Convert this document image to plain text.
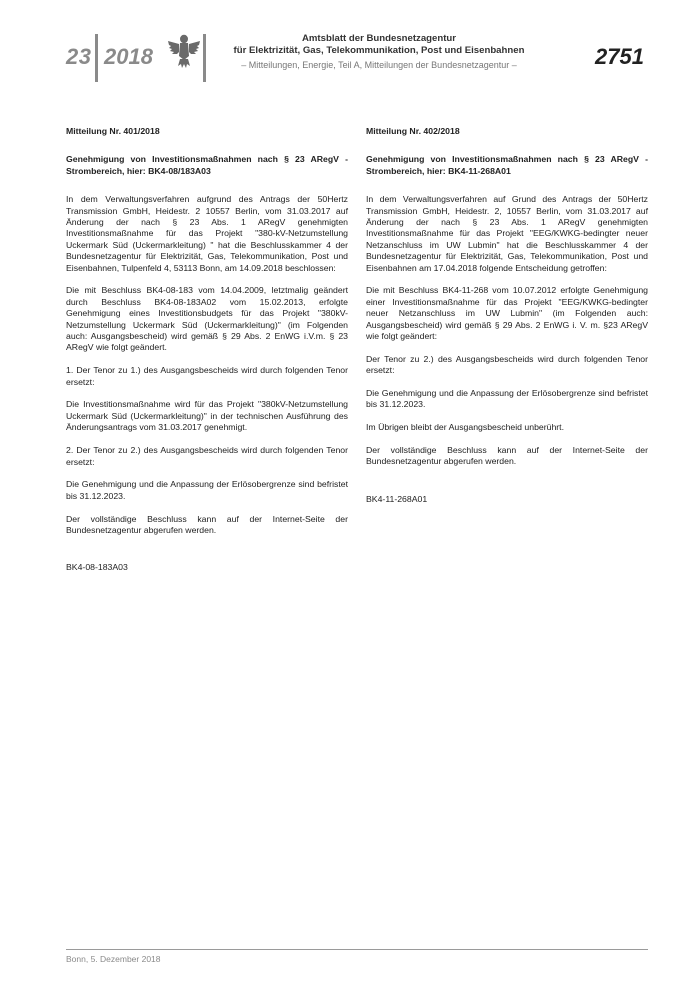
23 2018
Amtsblatt der Bundesnetzagentur
für Elektrizität, Gas, Telekommunikation, Post und Eisenbahnen
– Mitteilungen, Energie, Teil A, Mitteilungen der Bundesnetzagentur –	2751
Mitteilung Nr. 401/2018
Genehmigung von Investitionsmaßnahmen nach § 23 ARegV - Strombereich, hier: BK4-08/183A03

In dem Verwaltungsverfahren aufgrund des Antrags der 50Hertz Transmission GmbH, Heidestr. 2 10557 Berlin, vom 31.03.2017 auf Änderung der nach § 23 Abs. 1 ARegV genehmigten Investitionsmaßnahme für das Projekt "380-kV-Netzumstellung Uckermark Süd (Uckermarkleitung) " hat die Beschlusskammer 4 der Bundesnetzagentur für Elektrizität, Gas, Telekommunikation, Post und Eisenbahnen, Tulpenfeld 4, 53113 Bonn, am 14.09.2018 beschlossen:

Die mit Beschluss BK4-08-183 vom 14.04.2009, letztmalig geändert durch Beschluss BK4-08-183A02 vom 15.02.2013, erfolgte Genehmigung eines Investitionsbudgets für das Projekt "380kV-Netzumstellung Uckermark Süd (Uckermarkleitung)" (im Folgenden auch: Ausgangsbescheid) wird gemäß § 29 Abs. 2 EnWG i.V.m. § 23 ARegV wie folgt geändert.

1. Der Tenor zu 1.) des Ausgangsbescheids wird durch folgenden Tenor ersetzt:

Die Investitionsmaßnahme wird für das Projekt "380kV-Netzumstellung Uckermark Süd (Uckermarkleitung)" in der technischen Ausführung des Änderungsantrags vom 31.03.2017 genehmigt.

2. Der Tenor zu 2.) des Ausgangsbescheids wird durch folgenden Tenor ersetzt:

Die Genehmigung und die Anpassung der Erlösobergrenze sind befristet bis 31.12.2023.

Der vollständige Beschluss kann auf der Internet-Seite der Bundesnetzagentur abgerufen werden.

BK4-08-183A03

Mitteilung Nr. 402/2018
Genehmigung von Investitionsmaßnahmen nach § 23 ARegV - Strombereich, hier: BK4-11-268A01

In dem Verwaltungsverfahren auf Grund des Antrags der 50Hertz Transmission GmbH, Heidestr. 2, 10557 Berlin, vom 31.03.2017 auf Änderung der nach § 23 Abs. 1 ARegV genehmigten Investitionsmaßnahme für das Projekt "EEG/KWKG-bedingter neuer Netzanschluss im UW Lubmin" hat die Beschlusskammer 4 der Bundesnetzagentur für Elektrizität, Gas, Telekommunikation, Post und Eisenbahnen am 17.04.2018 folgende Entscheidung getroffen:

Die mit Beschluss BK4-11-268 vom 10.07.2012 erfolgte Genehmigung einer Investitionsmaßnahme für das Projekt "EEG/KWKG-bedingter neuer Netzanschluss im UW Lubmin" (im Folgenden auch: Ausgangsbescheid) wird gemäß § 29 Abs. 2 EnWG i. V. m. §23 ARegV wie folgt geändert:

Der Tenor zu 2.) des Ausgangsbescheids wird durch folgenden Tenor ersetzt:

Die Genehmigung und die Anpassung der Erlösobergrenze sind befristet bis 31.12.2023.

Im Übrigen bleibt der Ausgangsbescheid unberührt.

Der vollständige Beschluss kann auf der Internet-Seite der Bundesnetzagentur abgerufen werden.

BK4-11-268A01

Bonn, 5. Dezember 2018
